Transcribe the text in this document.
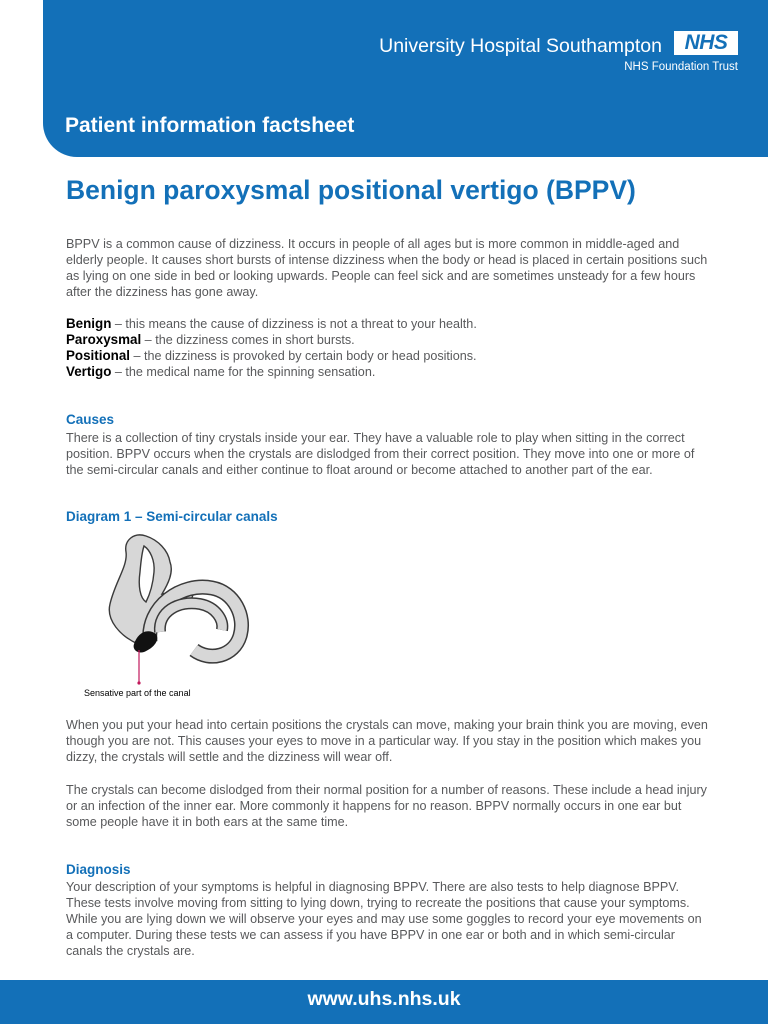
University Hospital Southampton	NHS
NHS Foundation Trust
Patient information factsheet
Benign paroxysmal positional vertigo (BPPV)

BPPV is a common cause of dizziness. It occurs in people of all ages but is more common in middle-aged and elderly people. It causes short bursts of intense dizziness when the body or head is placed in certain positions such as lying on one side in bed or looking upwards. People can feel sick and are sometimes unsteady for a few hours after the dizziness has gone away.

Benign – this means the cause of dizziness is not a threat to your health.
Paroxysmal – the dizziness comes in short bursts.
Positional – the dizziness is provoked by certain body or head positions.
Vertigo – the medical name for the spinning sensation.
Causes

There is a collection of tiny crystals inside your ear. They have a valuable role to play when sitting in the correct position. BPPV occurs when the crystals are dislodged from their correct position. They move into one or more of the semi-circular canals and either continue to float around or become attached to another part of the ear.

Diagram 1 – Semi-circular canals
Sensative part of the canal

When you put your head into certain positions the crystals can move, making your brain think you are moving, even though you are not. This causes your eyes to move in a particular way. If you stay in the position which makes you dizzy, the crystals will settle and the dizziness will wear off.

The crystals can become dislodged from their normal position for a number of reasons. These include a head injury or an infection of the inner ear. More commonly it happens for no reason. BPPV normally occurs in one ear but some people have it in both ears at the same time.

Diagnosis

Your description of your symptoms is helpful in diagnosing BPPV. There are also tests to help diagnose BPPV. These tests involve moving from sitting to lying down, trying to recreate the positions that cause your symptoms. While you are lying down we will observe your eyes and may use some goggles to record your eye movements on a computer. During these tests we can assess if you have BPPV in one ear or both and in which semi-circular canals the crystals are.

www.uhs.nhs.uk
